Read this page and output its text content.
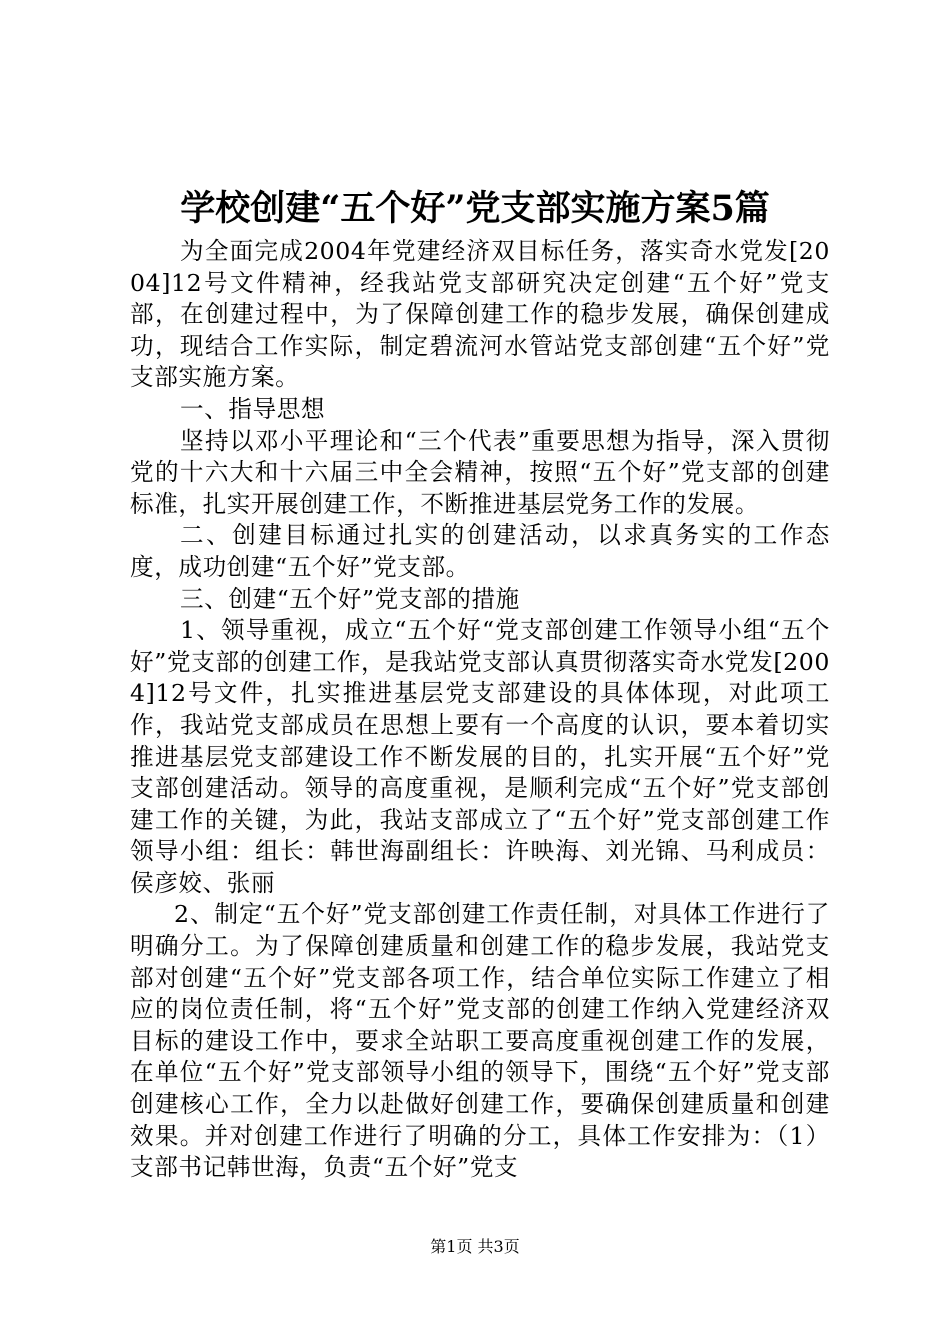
学校创建“五个好”党支部实施方案5篇

为全面完成2004年党建经济双目标任务，落实奇水党发[2004]12号文件精神，经我站党支部研究决定创建“五个好”党支部，在创建过程中，为了保障创建工作的稳步发展，确保创建成功，现结合工作实际，制定碧流河水管站党支部创建“五个好”党支部实施方案。

一、指导思想

坚持以邓小平理论和“三个代表”重要思想为指导，深入贯彻党的十六大和十六届三中全会精神，按照“五个好”党支部的创建标准，扎实开展创建工作，不断推进基层党务工作的发展。

二、创建目标通过扎实的创建活动，以求真务实的工作态度，成功创建“五个好”党支部。

三、创建“五个好”党支部的措施

1、领导重视，成立“五个好“党支部创建工作领导小组“五个好”党支部的创建工作，是我站党支部认真贯彻落实奇水党发[2004]12号文件，扎实推进基层党支部建设的具体体现，对此项工作，我站党支部成员在思想上要有一个高度的认识，要本着切实推进基层党支部建设工作不断发展的目的，扎实开展“五个好”党支部创建活动。领导的高度重视，是顺利完成“五个好”党支部创建工作的关键，为此，我站支部成立了“五个好”党支部创建工作领导小组：组长：韩世海副组长：许映海、刘光锦、马利成员：侯彦姣、张丽

2、制定“五个好”党支部创建工作责任制，对具体工作进行了明确分工。为了保障创建质量和创建工作的稳步发展，我站党支部对创建“五个好”党支部各项工作，结合单位实际工作建立了相应的岗位责任制，将“五个好”党支部的创建工作纳入党建经济双目标的建设工作中，要求全站职工要高度重视创建工作的发展，在单位“五个好”党支部领导小组的领导下，围绕“五个好”党支部创建核心工作，全力以赴做好创建工作，要确保创建质量和创建效果。并对创建工作进行了明确的分工，具体工作安排为：（1）支部书记韩世海，负责“五个好”党支

第1页 共3页
